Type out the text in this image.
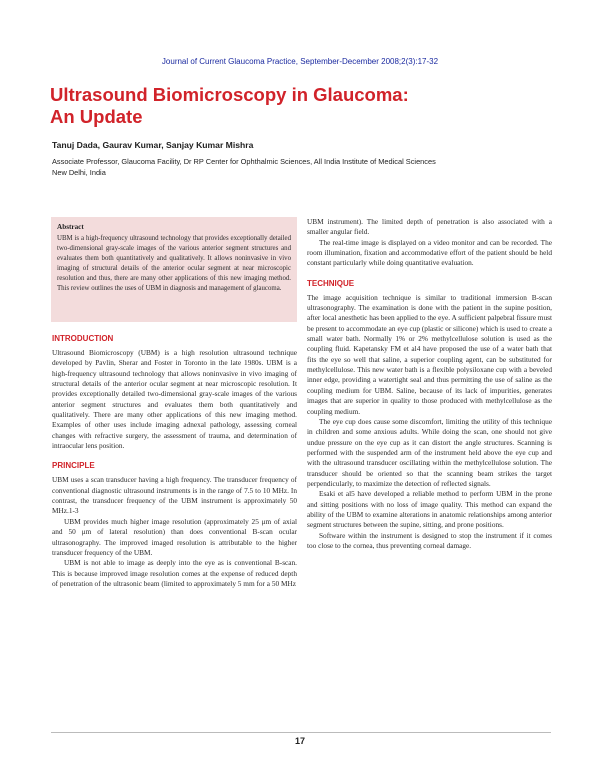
Journal of Current Glaucoma Practice, September-December 2008;2(3):17-32
Ultrasound Biomicroscopy in Glaucoma:
An Update
Tanuj Dada, Gaurav Kumar, Sanjay Kumar Mishra
Associate Professor, Glaucoma Facility, Dr RP Center for Ophthalmic Sciences, All India Institute of Medical Sciences
New Delhi, India
Abstract
UBM is a high-frequency ultrasound technology that provides exceptionally detailed two-dimensional gray-scale images of the various anterior segment structures and evaluates them both quantitatively and qualitatively. It allows noninvasive in vivo imaging of structural details of the anterior ocular segment at near microscopic resolution and thus, there are many other applications of this new imaging method. This review outlines the uses of UBM in diagnosis and management of glaucoma.
INTRODUCTION
Ultrasound Biomicroscopy (UBM) is a high resolution ultrasound technique developed by Pavlin, Sherar and Foster in Toronto in the late 1980s. UBM is a high-frequency ultrasound technology that allows noninvasive in vivo imaging of structural details of the anterior ocular segment at near microscopic resolution. It provides exceptionally detailed two-dimensional gray-scale images of the various anterior segment structures and evaluates them both quantitatively and qualitatively. There are many other applications of this new imaging method. Examples of other uses include imaging adnexal pathology, assessing corneal changes with refractive surgery, the assessment of trauma, and determination of intraocular lens position.
PRINCIPLE
UBM uses a scan transducer having a high frequency. The transducer frequency of conventional diagnostic ultrasound instruments is in the range of 7.5 to 10 MHz. In contrast, the transducer frequency of the UBM instrument is approximately 50 MHz.1-3
UBM provides much higher image resolution (approximately 25 μm of axial and 50 μm of lateral resolution) than does conventional B-scan ocular ultrasonography. The improved imaged resolution is attributable to the higher transducer frequency of the UBM.
UBM is not able to image as deeply into the eye as is conventional B-scan. This is because improved image resolution comes at the expense of reduced depth of penetration of the ultrasonic beam (limited to approximately 5 mm for a 50 MHz
UBM instrument). The limited depth of penetration is also associated with a smaller angular field.
The real-time image is displayed on a video monitor and can be recorded. The room illumination, fixation and accommodative effort of the patient should be held constant particularly while doing quantitative evaluation.
TECHNIQUE
The image acquisition technique is similar to traditional immersion B-scan ultrasonography. The examination is done with the patient in the supine position, after local anesthetic has been applied to the eye. A sufficient palpebral fissure must be present to accommodate an eye cup (plastic or silicone) which is used to create a small water bath. Normally 1% or 2% methylcellulose solution is used as the coupling fluid. Kapetansky FM et al4 have proposed the use of a water bath that fits the eye so well that saline, a superior coupling agent, can be substituted for methylcellulose. This new water bath is a flexible polysiloxane cup with a beveled inner edge, providing a watertight seal and thus permitting the use of saline as the coupling medium for UBM. Saline, because of its lack of impurities, generates images that are superior in quality to those produced with methylcellulose as the coupling medium.
The eye cup does cause some discomfort, limiting the utility of this technique in children and some anxious adults. While doing the scan, one should not give undue pressure on the eye cup as it can distort the angle structures. Scanning is performed with the suspended arm of the instrument held above the eye cup and with the ultrasound transducer oscillating within the methylcellulose solution. The transducer should be oriented so that the scanning beam strikes the target perpendicularly, to maximize the detection of reflected signals.
Esaki et al5 have developed a reliable method to perform UBM in the prone and sitting positions with no loss of image quality. This method can expand the ability of the UBM to examine alterations in anatomic relationships among anterior segment structures between the supine, sitting, and prone positions.
Software within the instrument is designed to stop the instrument if it comes too close to the cornea, thus preventing corneal damage.
17
